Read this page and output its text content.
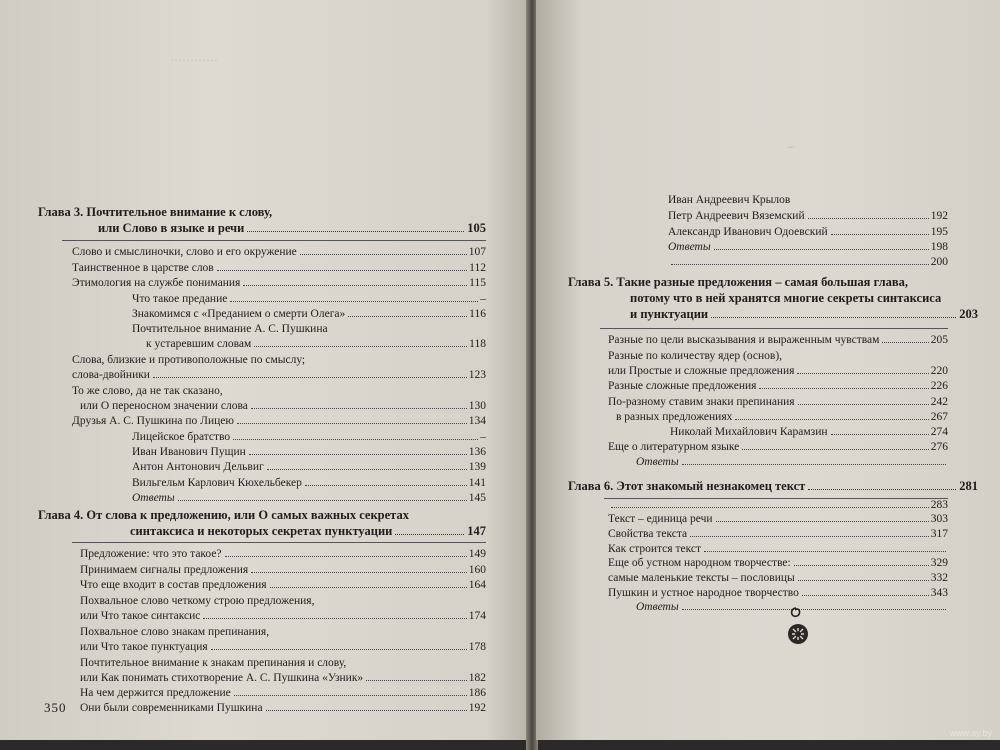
…………
Глава 3. Почтительное внимание к слову,
или Слово в языке и речи	105
Слово и смыслиночки, слово и его окружение	107
Таинственное в царстве слов	112
Этимология на службе понимания	115
Что такое предание	–
Знакомимся с «Преданием о смерти Олега»	116
Почтительное внимание А. С. Пушкина
к устаревшим словам	118
Слова, близкие и противоположные по смыслу;
слова-двойники	123
То же слово, да не так сказано,
или О переносном значении слова	130
Друзья А. С. Пушкина по Лицею	134
Лицейское братство	–
Иван Иванович Пущин	136
Антон Антонович Дельвиг	139
Вильгельм Карлович Кюхельбекер	141
Ответы	145
Глава 4. От слова к предложению, или О самых важных секретах
синтаксиса и некоторых секретах пунктуации	147
Предложение: что это такое?	149
Принимаем сигналы предложения	160
Что еще входит в состав предложения	164
Похвальное слово четкому строю предложения,
или Что такое синтаксис	174
Похвальное слово знакам препинания,
или Что такое пунктуация	178
Почтительное внимание к знакам препинания и слову,
или Как понимать стихотворение А. С. Пушкина «Узник»	182
На чем держится предложение	186
Они были современниками Пушкина	192
350
∽
Иван Андреевич Крылов
Петр Андреевич Вяземский	192
Александр Иванович Одоевский	195
Ответы	198
200
Глава 5. Такие разные предложения – самая большая глава,
потому что в ней хранятся многие секреты синтаксиса
и пунктуации	203
Разные по цели высказывания и выраженным чувствам	205
Разные по количеству ядер (основ),
или Простые и сложные предложения	220
Разные сложные предложения	226
По-разному ставим знаки препинания	242
в разных предложениях	267
Николай Михайлович Карамзин	274
Еще о литературном языке	276
Ответы
Глава 6. Этот знакомый незнакомец текст	281
283
Текст – единица речи	303
Свойства текста	317
Как строится текст
Еще об устном народном творчестве:	329
самые маленькие тексты – пословицы	332
Пушкин и устное народное творчество	343
Ответы
www.ay.by
